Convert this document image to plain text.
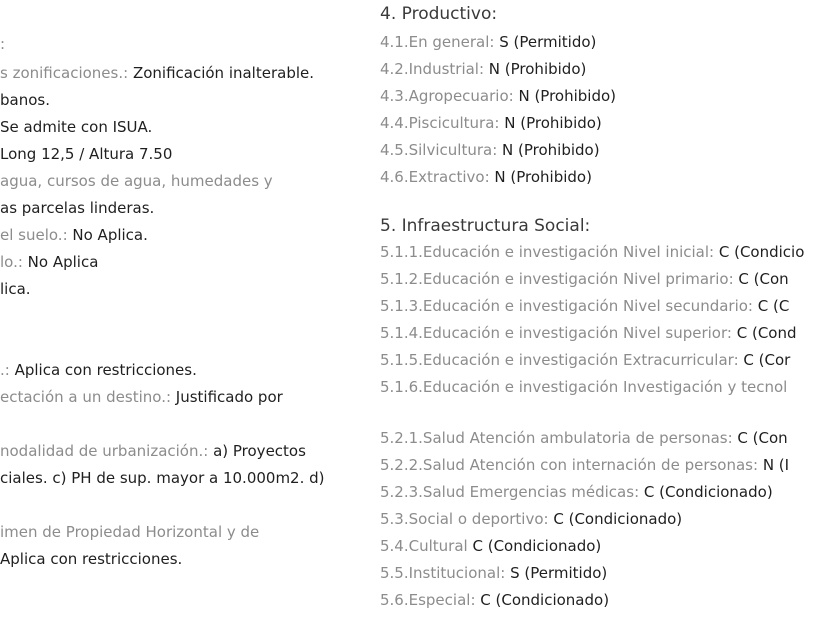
:
s zonificaciones.: Zonificación inalterable.
banos.
Se admite con ISUA.
Long 12,5 / Altura 7.50
agua, cursos de agua, humedades y
as parcelas linderas.
el suelo.: No Aplica.
lo.: No Aplica
lica.
.: Aplica con restricciones.
ectación a un destino.: Justificado por
nodalidad de urbanización.: a) Proyectos
ciales. c) PH de sup. mayor a 10.000m2. d)
imen de Propiedad Horizontal y de
Aplica con restricciones.
4. Productivo:
4.1.En general: S (Permitido)
4.2.Industrial: N (Prohibido)
4.3.Agropecuario: N (Prohibido)
4.4.Piscicultura: N (Prohibido)
4.5.Silvicultura: N (Prohibido)
4.6.Extractivo: N (Prohibido)
5. Infraestructura Social:
5.1.1.Educación e investigación Nivel inicial: C (Condicio
5.1.2.Educación e investigación Nivel primario: C (Con
5.1.3.Educación e investigación Nivel secundario: C (C
5.1.4.Educación e investigación Nivel superior: C (Cond
5.1.5.Educación e investigación Extracurricular: C (Cor
5.1.6.Educación e investigación Investigación y tecnol
5.2.1.Salud Atención ambulatoria de personas: C (Con
5.2.2.Salud Atención con internación de personas: N (I
5.2.3.Salud Emergencias médicas: C (Condicionado)
5.3.Social o deportivo: C (Condicionado)
5.4.Cultural C (Condicionado)
5.5.Institucional: S (Permitido)
5.6.Especial: C (Condicionado)
